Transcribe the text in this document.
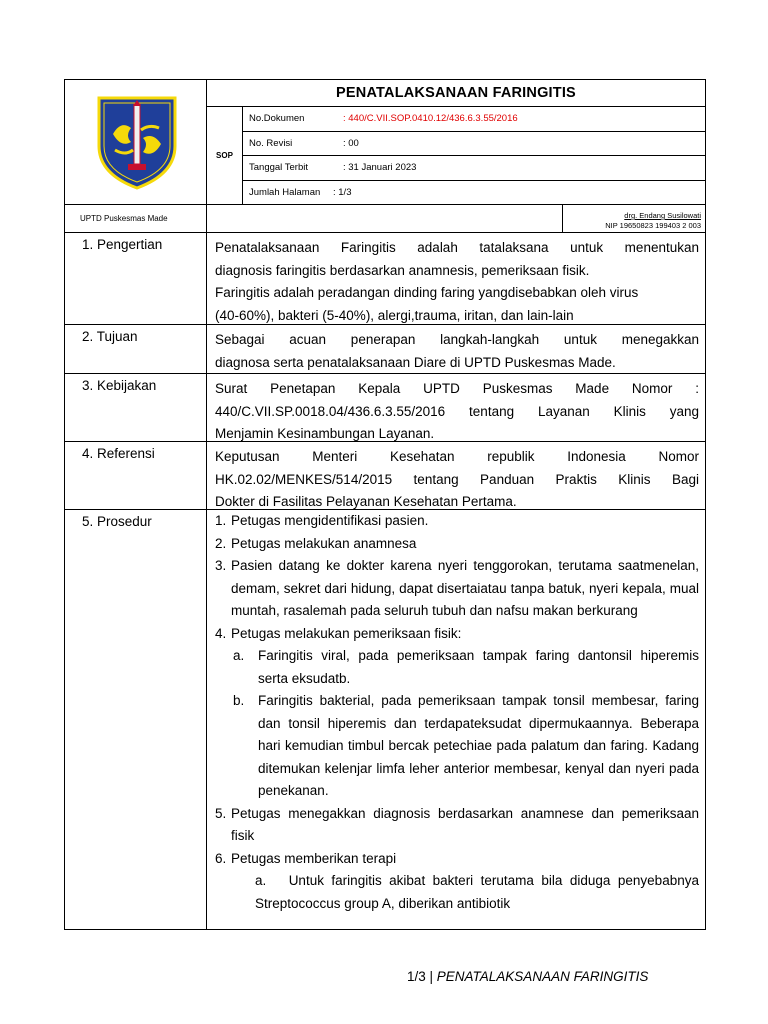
PENATALAKSANAAN FARINGITIS
SOP
No.Dokumen	: 440/C.VII.SOP.0410.12/436.6.3.55/2016
No. Revisi	: 00
Tanggal Terbit	: 31 Januari 2023
Jumlah Halaman : 1/3
UPTD Puskesmas Made	drg. Endang Susilowati
NIP 19650823 199403 2 003
1. Pengertian	Penatalaksanaan Faringitis adalah tatalaksana untuk menentukan
diagnosis faringitis berdasarkan anamnesis, pemeriksaan fisik.
Faringitis adalah peradangan dinding faring yangdisebabkan oleh virus
(40-60%), bakteri (5-40%), alergi,trauma, iritan, dan lain-lain
2. Tujuan	Sebagai acuan penerapan langkah-langkah untuk menegakkan
diagnosa serta penatalaksanaan Diare di UPTD Puskesmas Made.
3. Kebijakan	Surat Penetapan Kepala UPTD Puskesmas Made Nomor :
440/C.VII.SP.0018.04/436.6.3.55/2016 tentang Layanan Klinis yang
Menjamin Kesinambungan Layanan.
4. Referensi	Keputusan Menteri Kesehatan republik Indonesia Nomor
HK.02.02/MENKES/514/2015 tentang Panduan Praktis Klinis Bagi
Dokter di Fasilitas Pelayanan Kesehatan Pertama.
5. Prosedur	1. Petugas mengidentifikasi pasien.
2. Petugas melakukan anamnesa
3. Pasien datang ke dokter karena nyeri tenggorokan, terutama saatmenelan, demam, sekret dari hidung, dapat disertaiatau tanpa batuk, nyeri kepala, mual muntah, rasalemah pada seluruh tubuh dan nafsu makan berkurang
4. Petugas melakukan pemeriksaan fisik:
a.	Faringitis viral, pada pemeriksaan tampak faring dantonsil hiperemis serta eksudatb.
b.	Faringitis bakterial, pada pemeriksaan tampak tonsil membesar, faring dan tonsil hiperemis dan terdapateksudat dipermukaannya. Beberapa hari kemudian timbul bercak petechiae pada palatum dan faring. Kadang ditemukan kelenjar limfa leher anterior membesar, kenyal dan nyeri pada penekanan.
5. Petugas menegakkan diagnosis berdasarkan anamnese dan pemeriksaan fisik
6. Petugas memberikan terapi
a. Untuk faringitis akibat bakteri terutama bila diduga penyebabnya Streptococcus group A, diberikan antibiotik
1/3 | PENATALAKSANAAN FARINGITIS
